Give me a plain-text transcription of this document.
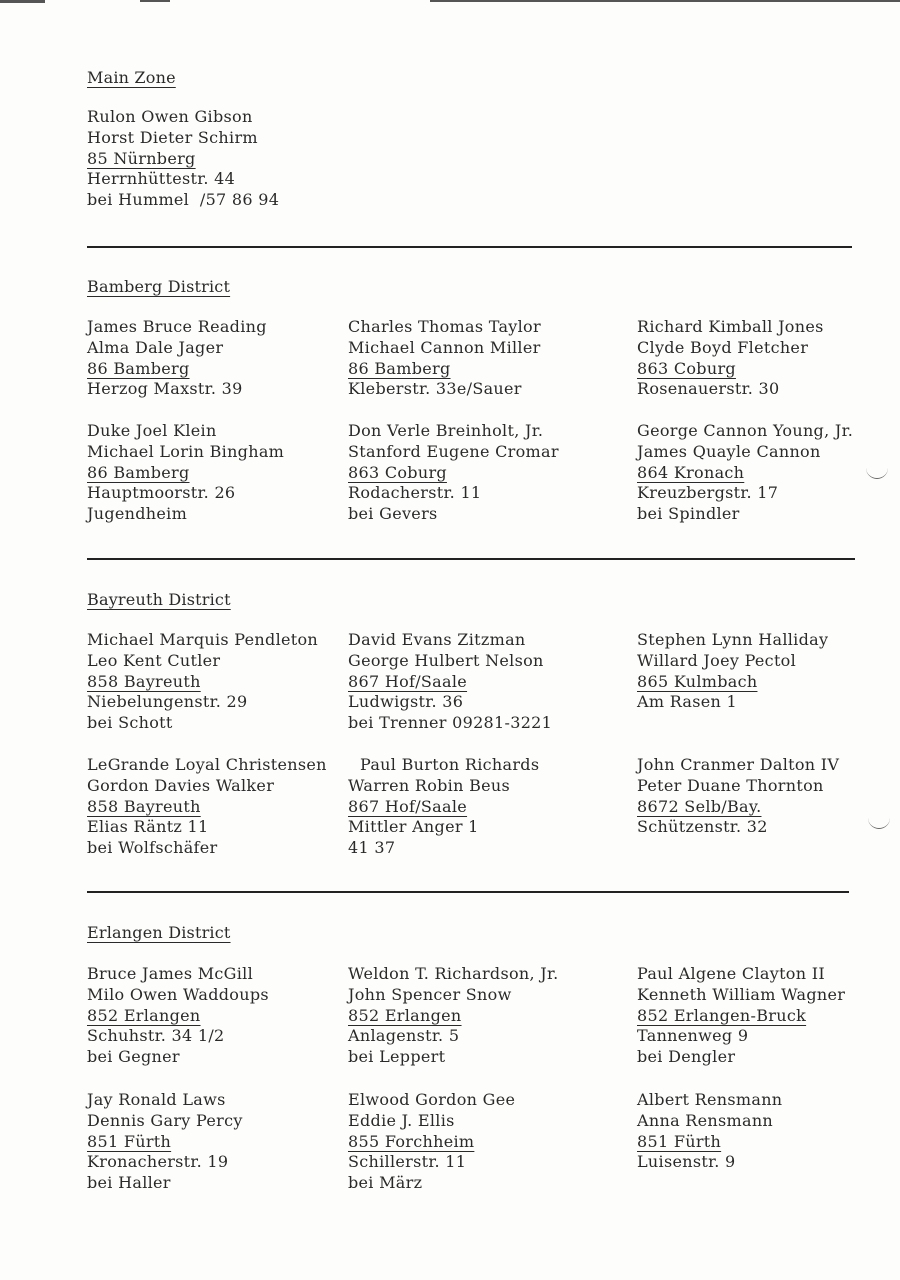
Main Zone
Rulon Owen Gibson
Horst Dieter Schirm
85 Nürnberg
Herrnhüttestr. 44
bei Hummel  /57 86 94
Bamberg District
James Bruce Reading
Alma Dale Jager
86 Bamberg
Herzog Maxstr. 39
Charles Thomas Taylor
Michael Cannon Miller
86 Bamberg
Kleberstr. 33e/Sauer
Richard Kimball Jones
Clyde Boyd Fletcher
863 Coburg
Rosenauerstr. 30
Duke Joel Klein
Michael Lorin Bingham
86 Bamberg
Hauptmoorstr. 26
Jugendheim
Don Verle Breinholt, Jr.
Stanford Eugene Cromar
863 Coburg
Rodacherstr. 11
bei Gevers
George Cannon Young, Jr.
James Quayle Cannon
864 Kronach
Kreuzbergstr. 17
bei Spindler
Bayreuth District
Michael Marquis Pendleton
Leo Kent Cutler
858 Bayreuth
Niebelungenstr. 29
bei Schott
David Evans Zitzman
George Hulbert Nelson
867 Hof/Saale
Ludwigstr. 36
bei Trenner 09281-3221
Stephen Lynn Halliday
Willard Joey Pectol
865 Kulmbach
Am Rasen 1
LeGrande Loyal Christensen
Gordon Davies Walker
858 Bayreuth
Elias Räntz 11
bei Wolfschäfer
Paul Burton Richards
Warren Robin Beus
867 Hof/Saale
Mittler Anger 1
41 37
John Cranmer Dalton IV
Peter Duane Thornton
8672 Selb/Bay.
Schützenstr. 32
Erlangen District
Bruce James McGill
Milo Owen Waddoups
852 Erlangen
Schuhstr. 34 1/2
bei Gegner
Weldon T. Richardson, Jr.
John Spencer Snow
852 Erlangen
Anlagenstr. 5
bei Leppert
Paul Algene Clayton II
Kenneth William Wagner
852 Erlangen-Bruck
Tannenweg 9
bei Dengler
Jay Ronald Laws
Dennis Gary Percy
851 Fürth
Kronacherstr. 19
bei Haller
Elwood Gordon Gee
Eddie J. Ellis
855 Forchheim
Schillerstr. 11
bei März
Albert Rensmann
Anna Rensmann
851 Fürth
Luisenstr. 9
